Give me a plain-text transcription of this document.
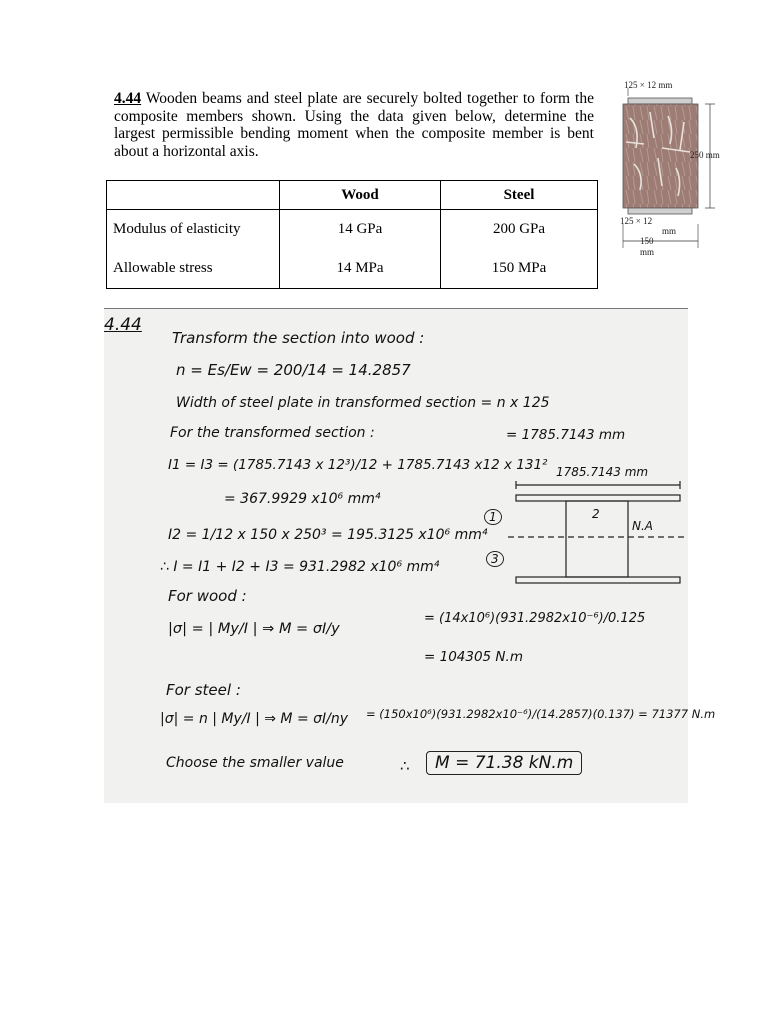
4.44 Wooden beams and steel plate are securely bolted together to form the composite members shown. Using the data given below, determine the largest permissible bending moment when the composite member is bent about a horizontal axis.
125 × 12 mm
250 mm
125 × 12
mm
150
mm
	Wood	Steel
Modulus of elasticity	14 GPa	200 GPa
Allowable stress	14 MPa	150 MPa
4.44
Transform the section into wood :
n = Es/Ew = 200/14 = 14.2857
Width of steel plate in transformed section = n x 125
For the transformed section :	= 1785.7143 mm
I1 = I3 = (1785.7143 x 12³)/12 + 1785.7143 x12 x 131²
= 367.9929 x10⁶ mm⁴
I2 = 1/12 x 150 x 250³ = 195.3125 x10⁶ mm⁴
∴ I = I1 + I2 + I3 = 931.2982 x10⁶ mm⁴
For wood :
|σ| = | My/I | ⇒ M = σI/y
= (14x10⁶)(931.2982x10⁻⁶)/0.125
= 104305 N.m
For steel :
|σ| = n | My/I | ⇒ M = σI/ny = (150x10⁶)(931.2982x10⁻⁶)/(14.2857)(0.137) = 71377 N.m
Choose the smaller value	∴	M = 71.38 kN.m
1785.7143 mm
N.A
2
1
3
